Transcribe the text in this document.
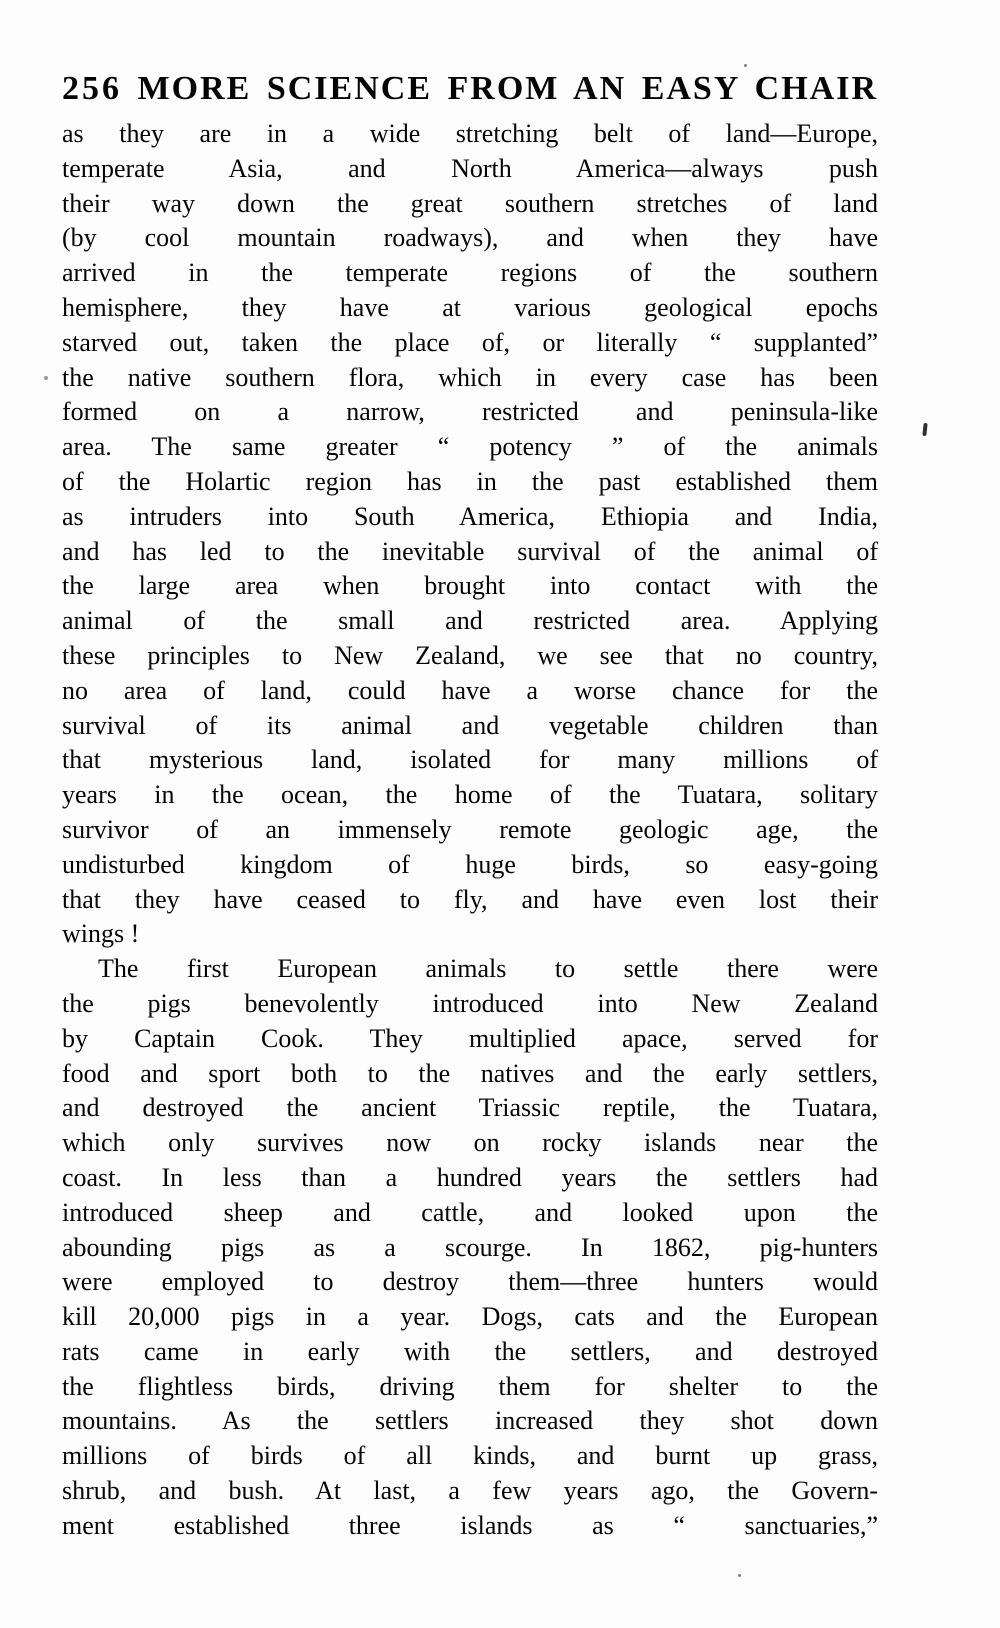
256 MORE SCIENCE FROM AN EASY CHAIR
as they are in a wide stretching belt of land—Europe,
temperate Asia, and North America—always push
their way down the great southern stretches of land
(by cool mountain roadways), and when they have
arrived in the temperate regions of the southern
hemisphere, they have at various geological epochs
starved out, taken the place of, or literally “ supplanted”
the native southern flora, which in every case has been
formed on a narrow, restricted and peninsula-like
area. The same greater “ potency ” of the animals
of the Holartic region has in the past established them
as intruders into South America, Ethiopia and India,
and has led to the inevitable survival of the animal of
the large area when brought into contact with the
animal of the small and restricted area. Applying
these principles to New Zealand, we see that no country,
no area of land, could have a worse chance for the
survival of its animal and vegetable children than
that mysterious land, isolated for many millions of
years in the ocean, the home of the Tuatara, solitary
survivor of an immensely remote geologic age, the
undisturbed kingdom of huge birds, so easy-going
that they have ceased to fly, and have even lost their
wings !
The first European animals to settle there were
the pigs benevolently introduced into New Zealand
by Captain Cook. They multiplied apace, served for
food and sport both to the natives and the early settlers,
and destroyed the ancient Triassic reptile, the Tuatara,
which only survives now on rocky islands near the
coast. In less than a hundred years the settlers had
introduced sheep and cattle, and looked upon the
abounding pigs as a scourge. In 1862, pig-hunters
were employed to destroy them—three hunters would
kill 20,000 pigs in a year. Dogs, cats and the European
rats came in early with the settlers, and destroyed
the flightless birds, driving them for shelter to the
mountains. As the settlers increased they shot down
millions of birds of all kinds, and burnt up grass,
shrub, and bush. At last, a few years ago, the Govern-
ment established three islands as “ sanctuaries,”
